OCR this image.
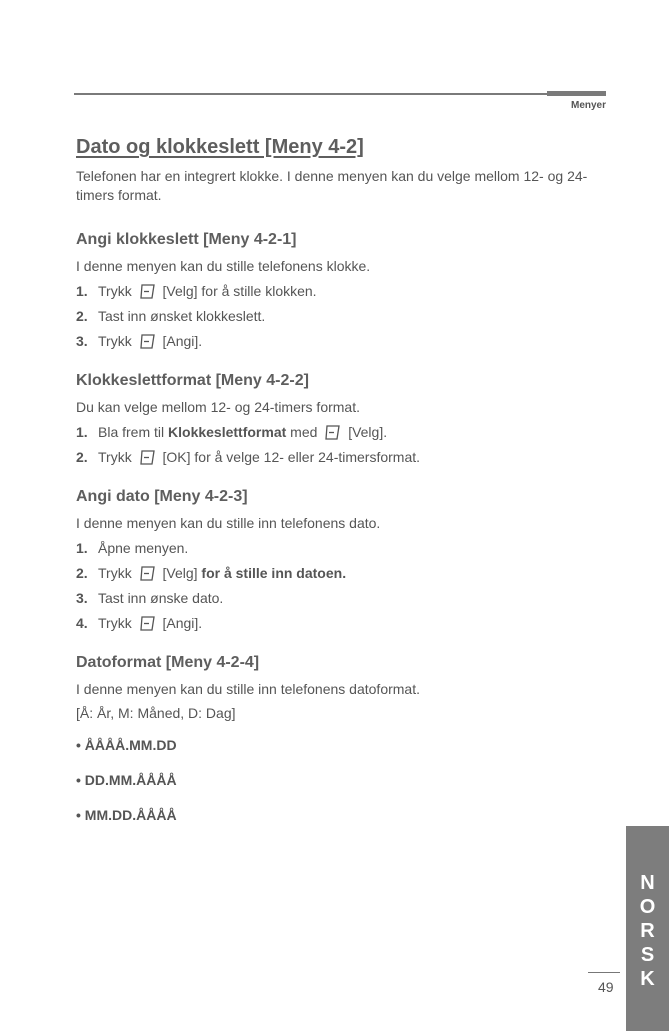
Menyer
Dato og klokkeslett [Meny 4-2]

Telefonen har en integrert klokke. I denne menyen kan du velge mellom 12- og 24-timers format.

Angi klokkeslett [Meny 4-2-1]

I denne menyen kan du stille telefonens klokke.

1. Trykk [Velg] for å stille klokken.
2. Tast inn ønsket klokkeslett.
3. Trykk [Angi].
Klokkeslettformat [Meny 4-2-2]

Du kan velge mellom 12- og 24-timers format.

1. Bla frem til Klokkeslettformat med [Velg].
2. Trykk [OK] for å velge 12- eller 24-timersformat.
Angi dato [Meny 4-2-3]

I denne menyen kan du stille inn telefonens dato.

1. Åpne menyen.
2. Trykk [Velg] for å stille inn datoen.
3. Tast inn ønske dato.
4. Trykk [Angi].
Datoformat [Meny 4-2-4]

I denne menyen kan du stille inn telefonens datoformat.

[Å: År, M: Måned, D: Dag]

• ÅÅÅÅ.MM.DD
• DD.MM.ÅÅÅÅ
• MM.DD.ÅÅÅÅ
N
O
R
S
K
49
